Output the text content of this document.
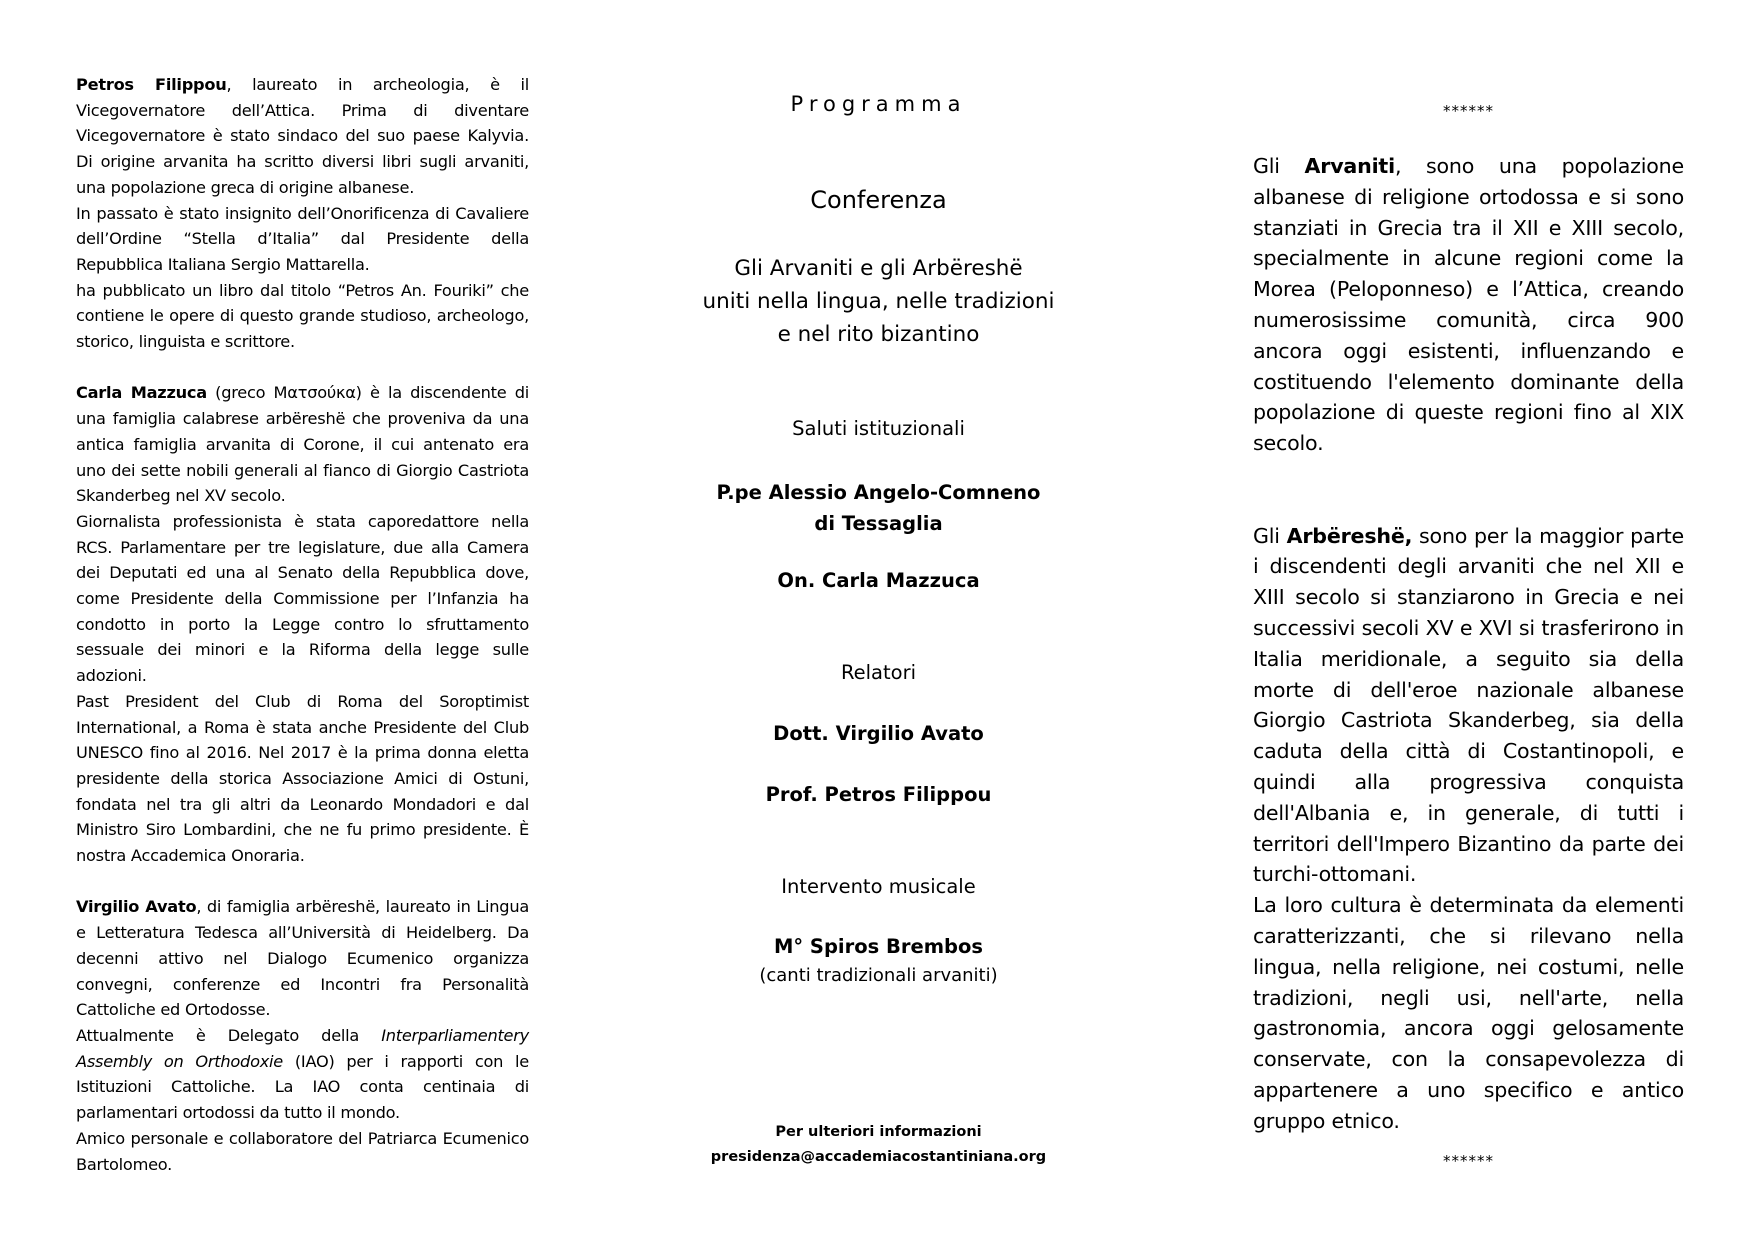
Petros Filippou, laureato in archeologia, è il Vicegovernatore dell’Attica. Prima di diventare Vicegovernatore è stato sindaco del suo paese Kalyvia. Di origine arvanita ha scritto diversi libri sugli arvaniti, una popolazione greca di origine albanese.

In passato è stato insignito dell’Onorificenza di Cavaliere dell’Ordine “Stella d’Italia” dal Presidente della Repubblica Italiana Sergio Mattarella.

ha pubblicato un libro dal titolo “Petros An. Fouriki” che contiene le opere di questo grande studioso, archeologo, storico, linguista e scrittore.

Carla Mazzuca (greco Ματσούκα) è la discendente di una famiglia calabrese arbëreshë che proveniva da una antica famiglia arvanita di Corone, il cui antenato era uno dei sette nobili generali al fianco di Giorgio Castriota Skanderbeg nel XV secolo.

Giornalista professionista è stata caporedattore nella RCS. Parlamentare per tre legislature, due alla Camera dei Deputati ed una al Senato della Repubblica dove, come Presidente della Commissione per l’Infanzia ha condotto in porto la Legge contro lo sfruttamento sessuale dei minori e la Riforma della legge sulle adozioni.

Past President del Club di Roma del Soroptimist International, a Roma è stata anche Presidente del Club UNESCO fino al 2016. Nel 2017 è la prima donna eletta presidente della storica Associazione Amici di Ostuni, fondata nel tra gli altri da Leonardo Mondadori e dal Ministro Siro Lombardini, che ne fu primo presidente. È nostra Accademica Onoraria.

Virgilio Avato, di famiglia arbëreshë, laureato in Lingua e Letteratura Tedesca all’Università di Heidelberg. Da decenni attivo nel Dialogo Ecumenico organizza convegni, conferenze ed Incontri fra Personalità Cattoliche ed Ortodosse.

Attualmente è Delegato della Interparliamentery Assembly on Orthodoxie (IAO) per i rapporti con le Istituzioni Cattoliche. La IAO conta centinaia di parlamentari ortodossi da tutto il mondo.

Amico personale e collaboratore del Patriarca Ecumenico Bartolomeo.

Programma
Conferenza
Gli Arvaniti e gli Arbëreshë
uniti nella lingua, nelle tradizioni
e nel rito bizantino
Saluti istituzionali
P.pe Alessio Angelo-Comneno
di Tessaglia
On. Carla Mazzuca
Relatori
Dott. Virgilio Avato
Prof. Petros Filippou
Intervento musicale
M° Spiros Brembos
(canti tradizionali arvaniti)
Per ulteriori informazioni
presidenza@accademiacostantiniana.org
******

Gli Arvaniti, sono una popolazione albanese di religione ortodossa e si sono stanziati in Grecia tra il XII e XIII secolo, specialmente in alcune regioni come la Morea (Peloponneso) e l’Attica, creando numerosissime comunità, circa 900 ancora oggi esistenti, influenzando e costituendo l'elemento dominante della popolazione di queste regioni fino al XIX secolo.

Gli Arbëreshë, sono per la maggior parte i discendenti degli arvaniti che nel XII e XIII secolo si stanziarono in Grecia e nei successivi secoli XV e XVI si trasferirono in Italia meridionale, a seguito sia della morte di dell'eroe nazionale albanese Giorgio Castriota Skanderbeg, sia della caduta della città di Costantinopoli, e quindi alla progressiva conquista dell'Albania e, in generale, di tutti i territori dell'Impero Bizantino da parte dei turchi-ottomani.

La loro cultura è determinata da elementi caratterizzanti, che si rilevano nella lingua, nella religione, nei costumi, nelle tradizioni, negli usi, nell'arte, nella gastronomia, ancora oggi gelosamente conservate, con la consapevolezza di appartenere a uno specifico e antico gruppo etnico.

******
